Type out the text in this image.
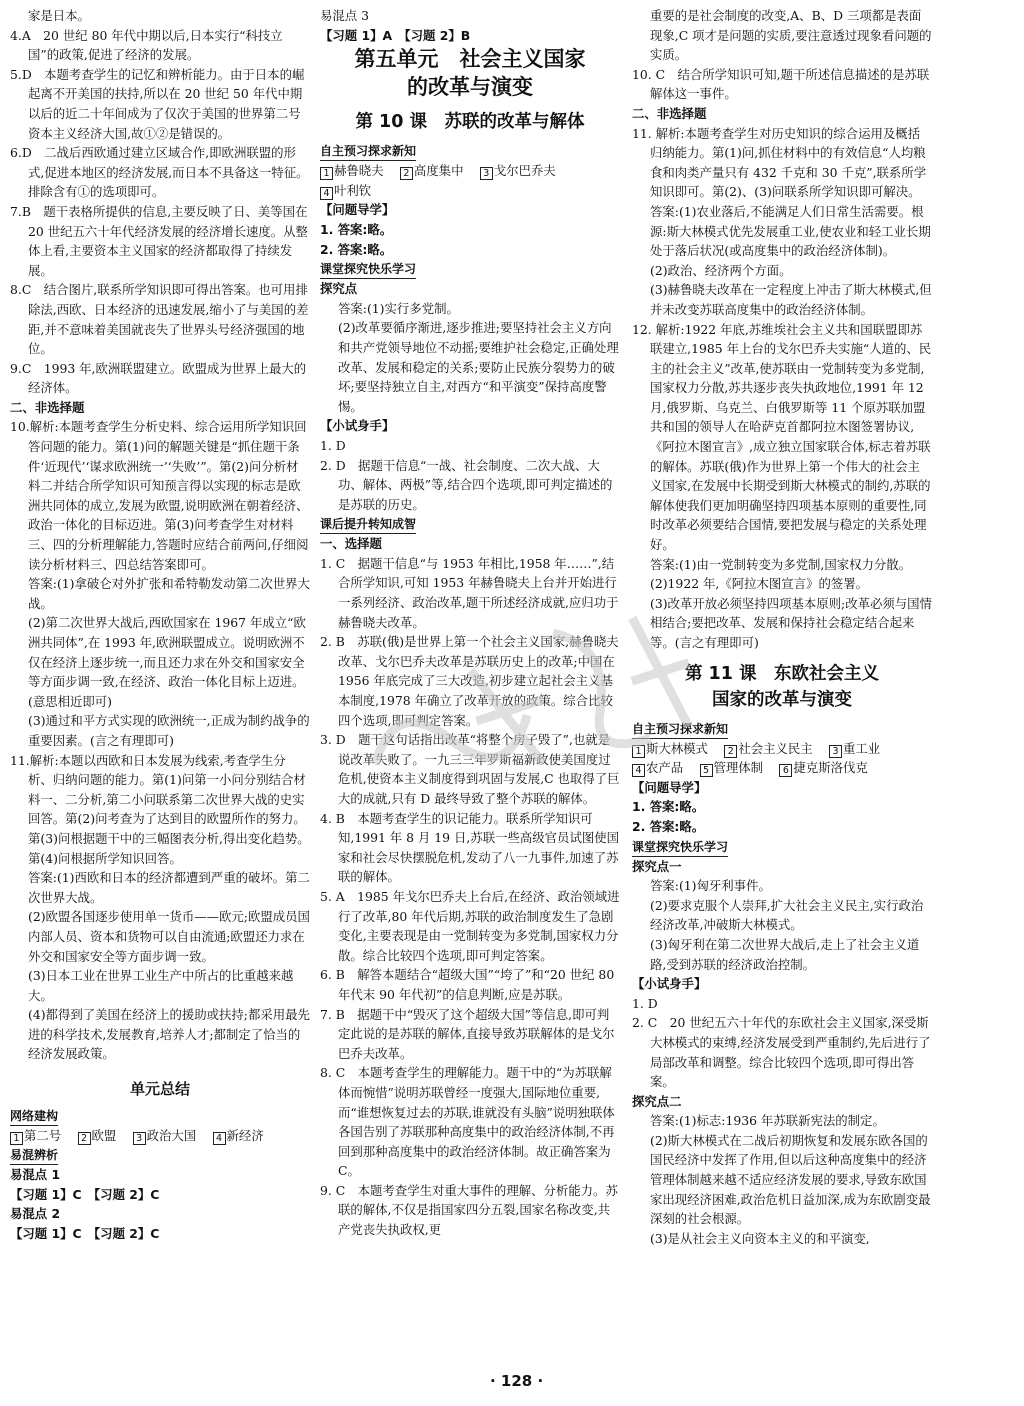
家是日本。

4.A　20 世纪 80 年代中期以后,日本实行“科技立国”的政策,促进了经济的发展。

5.D　本题考查学生的记忆和辨析能力。由于日本的崛起离不开美国的扶持,所以在 20 世纪 50 年代中期以后的近二十年间成为了仅次于美国的世界第二号资本主义经济大国,故①②是错误的。

6.D　二战后西欧通过建立区域合作,即欧洲联盟的形式,促进本地区的经济发展,而日本不具备这一特征。排除含有①的选项即可。

7.B　题干表格所提供的信息,主要反映了日、美等国在 20 世纪五六十年代经济发展的经济增长速度。从整体上看,主要资本主义国家的经济都取得了持续发展。

8.C　结合图片,联系所学知识即可得出答案。也可用排除法,西欧、日本经济的迅速发展,缩小了与美国的差距,并不意味着美国就丧失了世界头号经济强国的地位。

9.C　1993 年,欧洲联盟建立。欧盟成为世界上最大的经济体。

二、非选择题

10.解析:本题考查学生分析史料、综合运用所学知识回答问题的能力。第(1)问的解题关键是“抓住题干条件‘近现代’‘谋求欧洲统一’‘失败’”。第(2)问分析材料二并结合所学知识可知预言得以实现的标志是欧洲共同体的成立,发展为欧盟,说明欧洲在朝着经济、政治一体化的目标迈进。第(3)问考查学生对材料三、四的分析理解能力,答题时应结合前两问,仔细阅读分析材料三、四总结答案即可。

答案:(1)拿破仑对外扩张和希特勒发动第二次世界大战。

(2)第二次世界大战后,西欧国家在 1967 年成立“欧洲共同体”,在 1993 年,欧洲联盟成立。说明欧洲不仅在经济上逐步统一,而且还力求在外交和国家安全等方面步调一致,在经济、政治一体化目标上迈进。(意思相近即可)

(3)通过和平方式实现的欧洲统一,正成为制约战争的重要因素。(言之有理即可)

11.解析:本题以西欧和日本发展为线索,考查学生分析、归纳问题的能力。第(1)问第一小问分别结合材料一、二分析,第二小问联系第二次世界大战的史实回答。第(2)问考查为了达到目的欧盟所作的努力。第(3)问根据题干中的三幅图表分析,得出变化趋势。第(4)问根据所学知识回答。

答案:(1)西欧和日本的经济都遭到严重的破坏。第二次世界大战。

(2)欧盟各国逐步使用单一货币——欧元;欧盟成员国内部人员、资本和货物可以自由流通;欧盟还力求在外交和国家安全等方面步调一致。

(3)日本工业在世界工业生产中所占的比重越来越大。

(4)都得到了美国在经济上的援助或扶持;都采用最先进的科学技术,发展教育,培养人才;都制定了恰当的经济发展政策。

单元总结
网络建构

1 第二号　 2 欧盟　 3 政治大国　 4 新经济

易混辨析

易混点 1

【习题 1】C　【习题 2】C

易混点 2

【习题 1】C　【习题 2】C

易混点 3

【习题 1】A　【习题 2】B

第五单元　社会主义国家
的改革与演变
第 10 课　苏联的改革与解体
自主预习探求新知

1 赫鲁晓夫　 2 高度集中　 3 戈尔巴乔夫

4 叶利钦

【问题导学】

1. 答案:略。

2. 答案:略。

课堂探究快乐学习

探究点

答案:(1)实行多党制。

(2)改革要循序渐进,逐步推进;要坚持社会主义方向和共产党领导地位不动摇;要维护社会稳定,正确处理改革、发展和稳定的关系;要防止民族分裂势力的破坏;要坚持独立自主,对西方“和平演变”保持高度警惕。

【小试身手】

1. D

2. D　据题干信息“一战、社会制度、二次大战、大功、解体、两极”等,结合四个选项,即可判定描述的是苏联的历史。

课后提升转知成智

一、选择题

1. C　据题干信息“与 1953 年相比,1958 年……”,结合所学知识,可知 1953 年赫鲁晓夫上台并开始进行一系列经济、政治改革,题干所述经济成就,应归功于赫鲁晓夫改革。

2. B　苏联(俄)是世界上第一个社会主义国家,赫鲁晓夫改革、戈尔巴乔夫改革是苏联历史上的改革;中国在 1956 年底完成了三大改造,初步建立起社会主义基本制度,1978 年确立了改革开放的政策。综合比较四个选项,即可判定答案。

3. D　题干这句话指出改革“将整个房子毁了”,也就是说改革失败了。一九三三年罗斯福新政使美国度过危机,使资本主义制度得到巩固与发展,C 也取得了巨大的成就,只有 D 最终导致了整个苏联的解体。

4. B　本题考查学生的识记能力。联系所学知识可知,1991 年 8 月 19 日,苏联一些高级官员试图使国家和社会尽快摆脱危机,发动了八一九事件,加速了苏联的解体。

5. A　1985 年戈尔巴乔夫上台后,在经济、政治领域进行了改革,80 年代后期,苏联的政治制度发生了急剧变化,主要表现是由一党制转变为多党制,国家权力分散。综合比较四个选项,即可判定答案。

6. B　解答本题结合“超级大国”“垮了”和“20 世纪 80 年代末 90 年代初”的信息判断,应是苏联。

7. B　据题干中“毁灭了这个超级大国”等信息,即可判定此说的是苏联的解体,直接导致苏联解体的是戈尔巴乔夫改革。

8. C　本题考查学生的理解能力。题干中的“为苏联解体而惋惜”说明苏联曾经一度强大,国际地位重要,而“谁想恢复过去的苏联,谁就没有头脑”说明独联体各国告别了苏联那种高度集中的政治经济体制,不再回到那种高度集中的政治经济体制。故正确答案为 C。

9. C　本题考查学生对重大事件的理解、分析能力。苏联的解体,不仅是指国家四分五裂,国家名称改变,共产党丧失执政权,更

重要的是社会制度的改变,A、B、D 三项都是表面现象,C 项才是问题的实质,要注意透过现象看问题的实质。

10. C　结合所学知识可知,题干所述信息描述的是苏联解体这一事件。

二、非选择题

11. 解析:本题考查学生对历史知识的综合运用及概括归纳能力。第(1)问,抓住材料中的有效信息“人均粮食和肉类产量只有 432 千克和 30 千克”,联系所学知识即可。第(2)、(3)问联系所学知识即可解决。

答案:(1)农业落后,不能满足人们日常生活需要。根源:斯大林模式优先发展重工业,使农业和轻工业长期处于落后状况(或高度集中的政治经济体制)。

(2)政治、经济两个方面。

(3)赫鲁晓夫改革在一定程度上冲击了斯大林模式,但并未改变苏联高度集中的政治经济体制。

12. 解析:1922 年底,苏维埃社会主义共和国联盟即苏联建立,1985 年上台的戈尔巴乔夫实施“人道的、民主的社会主义”改革,使苏联由一党制转变为多党制,国家权力分散,苏共逐步丧失执政地位,1991 年 12 月,俄罗斯、乌克兰、白俄罗斯等 11 个原苏联加盟共和国的领导人在哈萨克首都阿拉木图签署协议,《阿拉木图宣言》,成立独立国家联合体,标志着苏联的解体。苏联(俄)作为世界上第一个伟大的社会主义国家,在发展中长期受到斯大林模式的制约,苏联的解体使我们更加明确坚持四项基本原则的重要性,同时改革必须要结合国情,要把发展与稳定的关系处理好。

答案:(1)由一党制转变为多党制,国家权力分散。

(2)1922 年,《阿拉木图宣言》的签署。

(3)改革开放必须坚持四项基本原则;改革必须与国情相结合;要把改革、发展和保持社会稳定结合起来等。(言之有理即可)

第 11 课　东欧社会主义
国家的改革与演变
自主预习探求新知

1 斯大林模式　 2 社会主义民主　 3 重工业

4 农产品　 5 管理体制　 6 捷克斯洛伐克

【问题导学】

1. 答案:略。

2. 答案:略。

课堂探究快乐学习

探究点一

答案:(1)匈牙利事件。

(2)要求克服个人崇拜,扩大社会主义民主,实行政治经济改革,冲破斯大林模式。

(3)匈牙利在第二次世界大战后,走上了社会主义道路,受到苏联的经济政治控制。

【小试身手】

1. D

2. C　20 世纪五六十年代的东欧社会主义国家,深受斯大林模式的束缚,经济发展受到严重制约,先后进行了局部改革和调整。综合比较四个选项,即可得出答案。

探究点二

答案:(1)标志:1936 年苏联新宪法的制定。

(2)斯大林模式在二战后初期恢复和发展东欧各国的国民经济中发挥了作用,但以后这种高度集中的经济管理体制越来越不适应经济发展的要求,导致东欧国家出现经济困难,政治危机日益加深,成为东欧剧变最深刻的社会根源。

(3)是从社会主义向资本主义的和平演变,

· 128 ·
